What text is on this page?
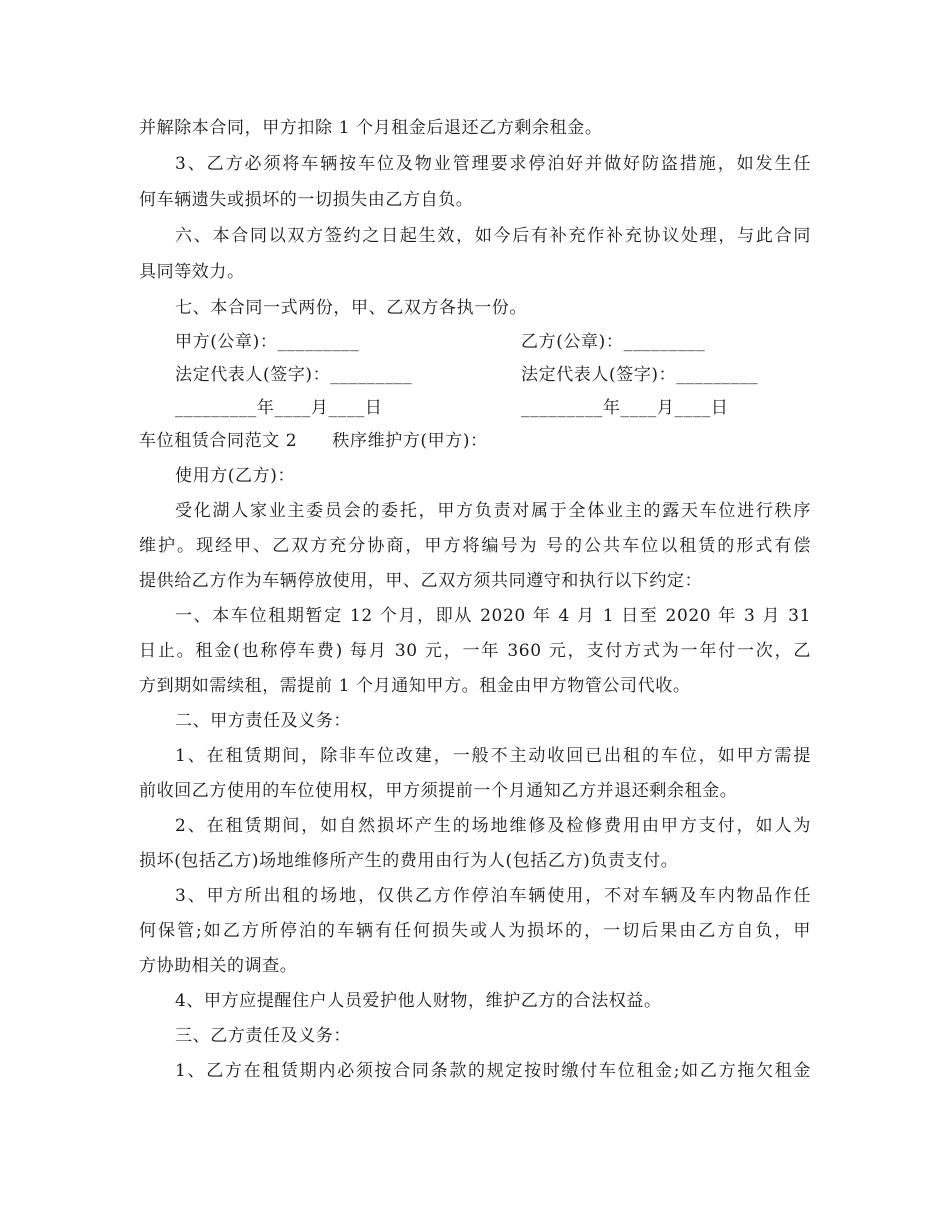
并解除本合同，甲方扣除 1 个月租金后退还乙方剩余租金。
3、乙方必须将车辆按车位及物业管理要求停泊好并做好防盗措施，如发生任
何车辆遗失或损坏的一切损失由乙方自负。
六、本合同以双方签约之日起生效，如今后有补充作补充协议处理，与此合同
具同等效力。
七、本合同一式两份，甲、乙双方各执一份。
甲方(公章)：_________	乙方(公章)：_________
法定代表人(签字)：_________	法定代表人(签字)：_________
_________年____月____日	_________年____月____日
车位租赁合同范文 2　　秩序维护方(甲方)：
使用方(乙方)：
受化湖人家业主委员会的委托，甲方负责对属于全体业主的露天车位进行秩序
维护。现经甲、乙双方充分协商，甲方将编号为 号的公共车位以租赁的形式有偿
提供给乙方作为车辆停放使用，甲、乙双方须共同遵守和执行以下约定：
一、本车位租期暂定 12 个月，即从 2020 年 4 月 1 日至 2020 年 3 月 31
日止。租金(也称停车费) 每月 30 元，一年 360 元，支付方式为一年付一次，乙
方到期如需续租，需提前 1 个月通知甲方。租金由甲方物管公司代收。
二、甲方责任及义务：
1、在租赁期间，除非车位改建，一般不主动收回已出租的车位，如甲方需提
前收回乙方使用的车位使用权，甲方须提前一个月通知乙方并退还剩余租金。
2、在租赁期间，如自然损坏产生的场地维修及检修费用由甲方支付，如人为
损坏(包括乙方)场地维修所产生的费用由行为人(包括乙方)负责支付。
3、甲方所出租的场地，仅供乙方作停泊车辆使用，不对车辆及车内物品作任
何保管;如乙方所停泊的车辆有任何损失或人为损坏的，一切后果由乙方自负，甲
方协助相关的调查。
4、甲方应提醒住户人员爱护他人财物，维护乙方的合法权益。
三、乙方责任及义务：
1、乙方在租赁期内必须按合同条款的规定按时缴付车位租金;如乙方拖欠租金
